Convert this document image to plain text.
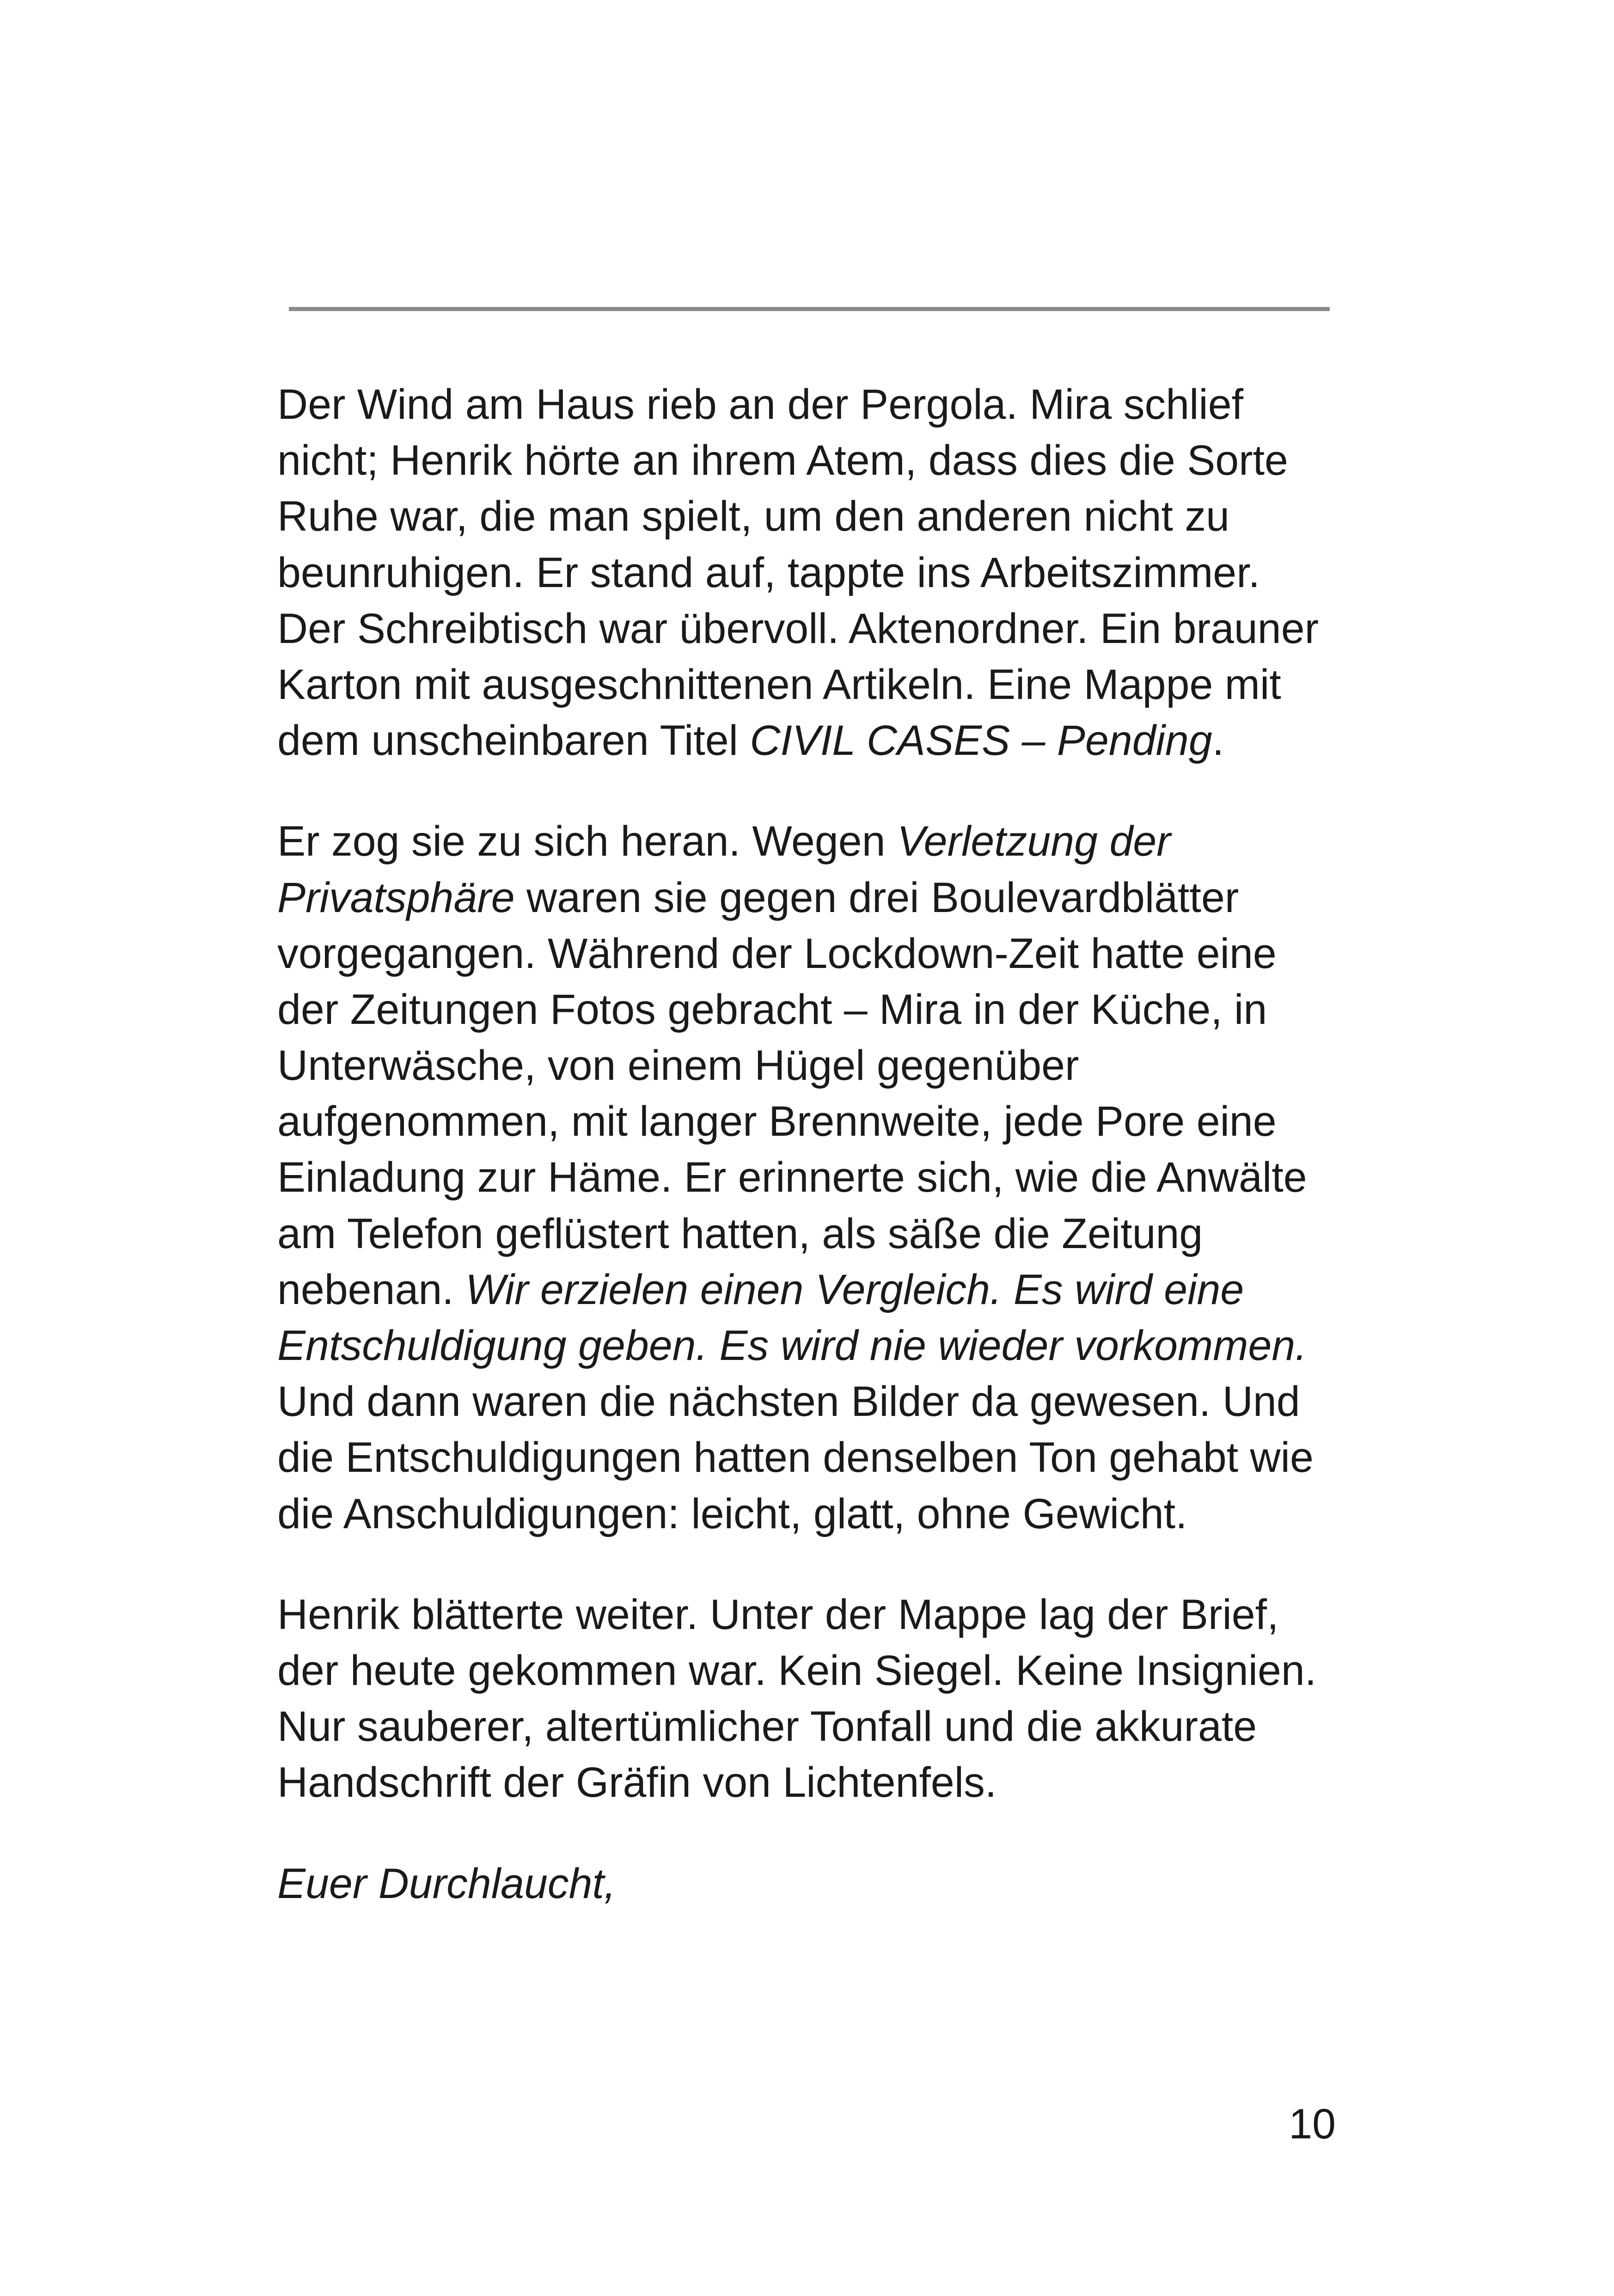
Der Wind am Haus rieb an der Pergola. Mira schlief
nicht; Henrik hörte an ihrem Atem, dass dies die Sorte
Ruhe war, die man spielt, um den anderen nicht zu
beunruhigen. Er stand auf, tappte ins Arbeitszimmer.
Der Schreibtisch war übervoll. Aktenordner. Ein brauner
Karton mit ausgeschnittenen Artikeln. Eine Mappe mit
dem unscheinbaren Titel CIVIL CASES – Pending.

Er zog sie zu sich heran. Wegen Verletzung der
Privatsphäre waren sie gegen drei Boulevardblätter
vorgegangen. Während der Lockdown-Zeit hatte eine
der Zeitungen Fotos gebracht – Mira in der Küche, in
Unterwäsche, von einem Hügel gegenüber
aufgenommen, mit langer Brennweite, jede Pore eine
Einladung zur Häme. Er erinnerte sich, wie die Anwälte
am Telefon geflüstert hatten, als säße die Zeitung
nebenan. Wir erzielen einen Vergleich. Es wird eine
Entschuldigung geben. Es wird nie wieder vorkommen.
Und dann waren die nächsten Bilder da gewesen. Und
die Entschuldigungen hatten denselben Ton gehabt wie
die Anschuldigungen: leicht, glatt, ohne Gewicht.

Henrik blätterte weiter. Unter der Mappe lag der Brief,
der heute gekommen war. Kein Siegel. Keine Insignien.
Nur sauberer, altertümlicher Tonfall und die akkurate
Handschrift der Gräfin von Lichtenfels.

Euer Durchlaucht,

10
